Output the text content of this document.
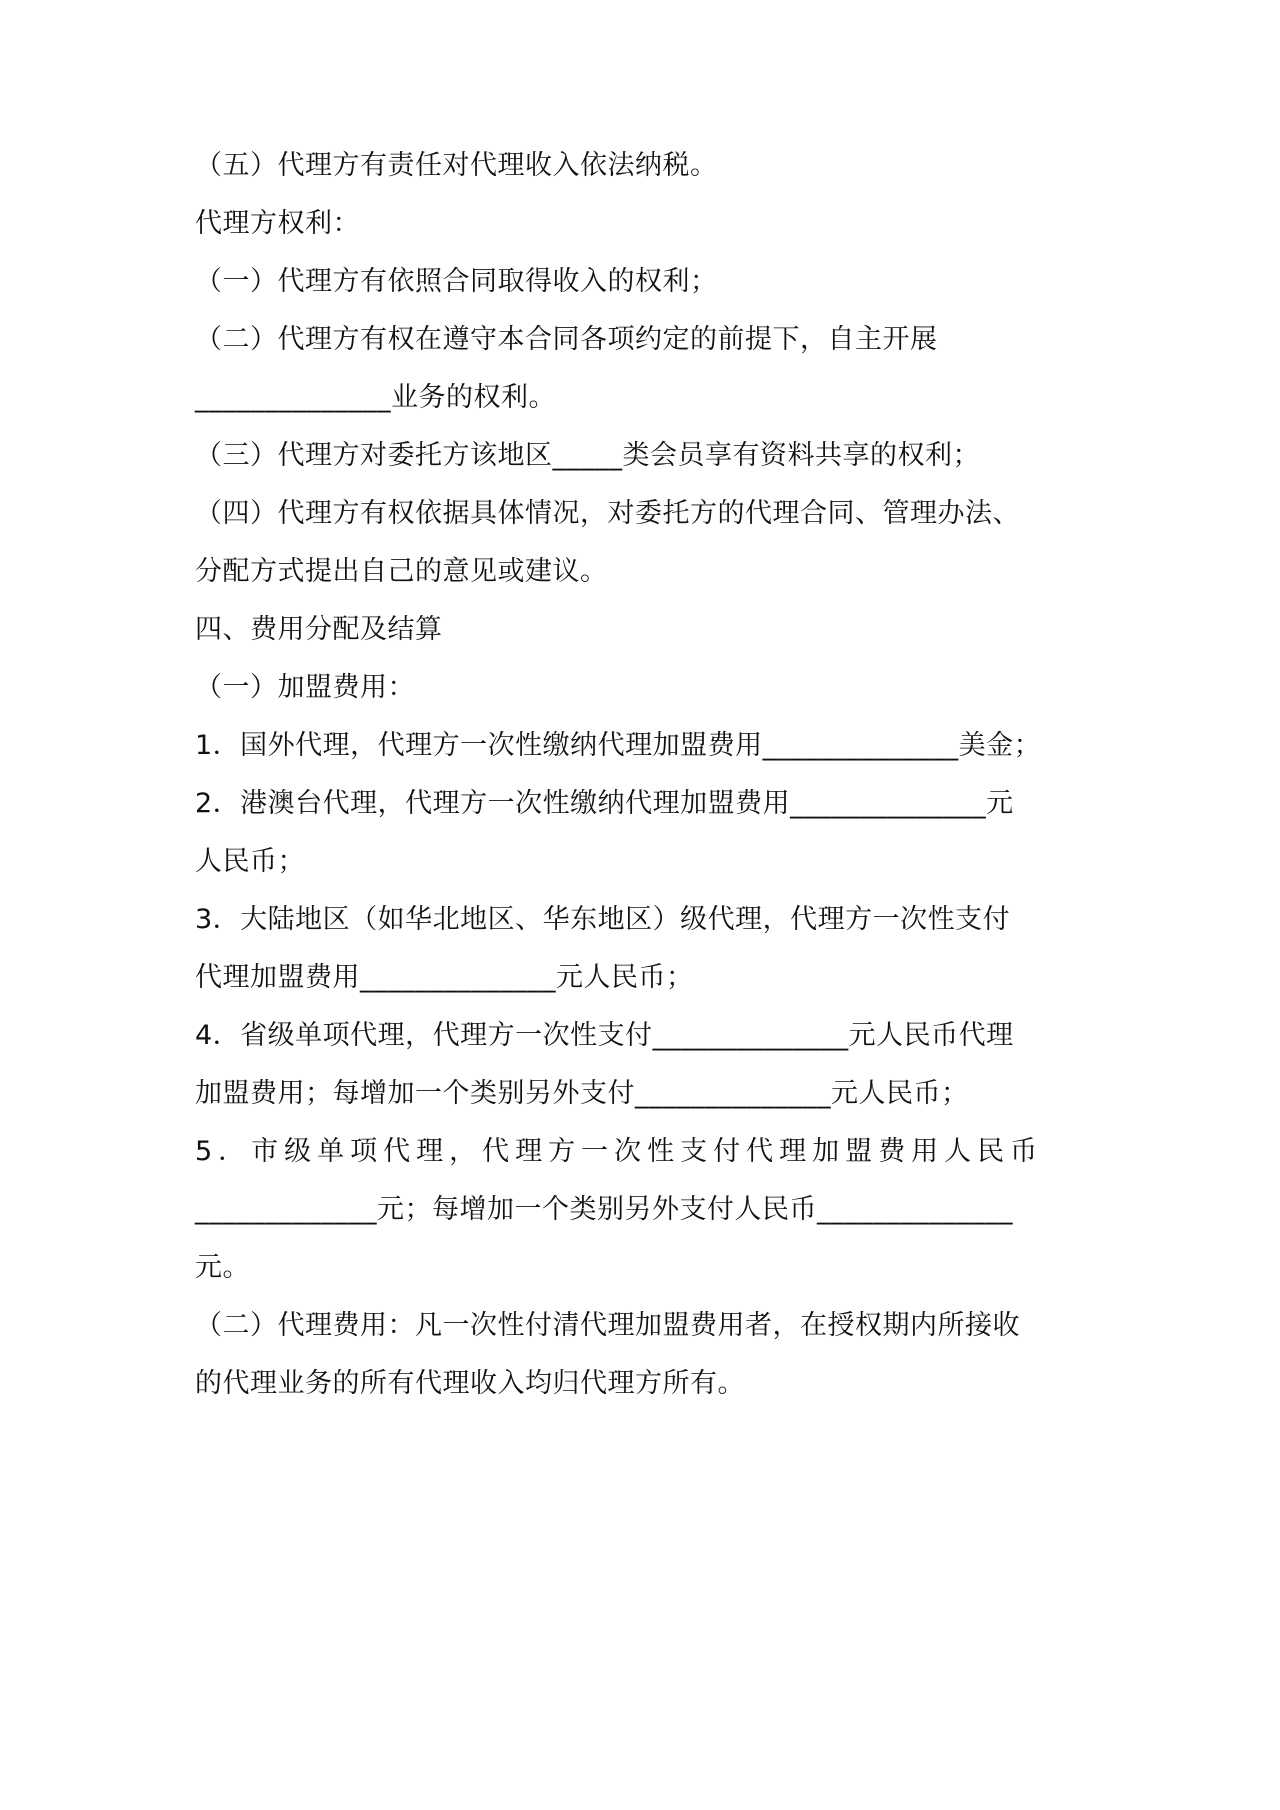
（五）代理方有责任对代理收入依法纳税。
代理方权利：
（一）代理方有依照合同取得收入的权利；
（二）代理方有权在遵守本合同各项约定的前提下，自主开展
______________业务的权利。
（三）代理方对委托方该地区_____类会员享有资料共享的权利；
（四）代理方有权依据具体情况，对委托方的代理合同、管理办法、
分配方式提出自己的意见或建议。
四、费用分配及结算
（一）加盟费用：
1．国外代理，代理方一次性缴纳代理加盟费用______________美金；
2．港澳台代理，代理方一次性缴纳代理加盟费用______________元
人民币；
3．大陆地区（如华北地区、华东地区）级代理，代理方一次性支付
代理加盟费用______________元人民币；
4．省级单项代理，代理方一次性支付______________元人民币代理
加盟费用；每增加一个类别另外支付______________元人民币；
5．市级单项代理，代理方一次性支付代理加盟费用人民币
_____________元；每增加一个类别另外支付人民币______________
元。
（二）代理费用：凡一次性付清代理加盟费用者，在授权期内所接收
的代理业务的所有代理收入均归代理方所有。
